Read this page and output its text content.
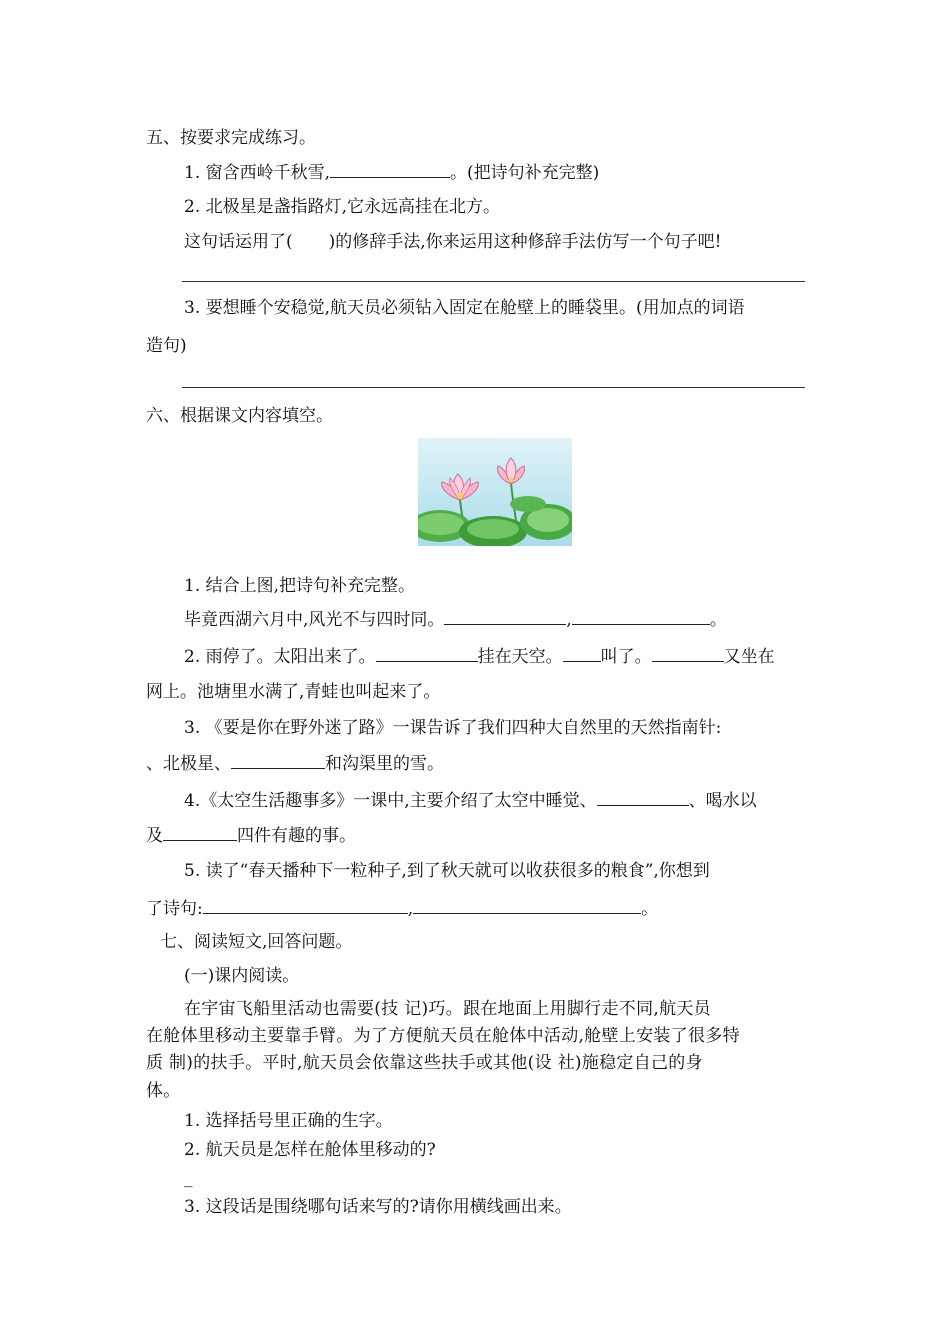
五、按要求完成练习。
1. 窗含西岭千秋雪,	。(把诗句补充完整)
2. 北极星是盏指路灯,它永远高挂在北方。
这句话运用了( )的修辞手法,你来运用这种修辞手法仿写一个句子吧!
3. 要想睡个安稳觉,航天员必须钻入固定在舱壁上的睡袋里。(用加点的词语
造句)
六、根据课文内容填空。
1. 结合上图,把诗句补充完整。
毕竟西湖六月中,风光不与四时同。	,	。
2. 雨停了。太阳出来了。	挂在天空。 叫了。	又坐在
网上。池塘里水满了,青蛙也叫起来了。
3. 《要是你在野外迷了路》一课告诉了我们四种大自然里的天然指南针:
、北极星、	和沟渠里的雪。
4.《太空生活趣事多》一课中,主要介绍了太空中睡觉、	、喝水以
及	四件有趣的事。
5. 读了“春天播种下一粒种子,到了秋天就可以收获很多的粮食”,你想到
了诗句:	,	。
七、阅读短文,回答问题。
(一)课内阅读。
在宇宙飞船里活动也需要(技 记)巧。跟在地面上用脚行走不同,航天员
在舱体里移动主要靠手臂。为了方便航天员在舱体中活动,舱壁上安装了很多特
质 制)的扶手。平时,航天员会依靠这些扶手或其他(设 社)施稳定自己的身
体。
1. 选择括号里正确的生字。
2. 航天员是怎样在舱体里移动的?
_
3. 这段话是围绕哪句话来写的?请你用横线画出来。
